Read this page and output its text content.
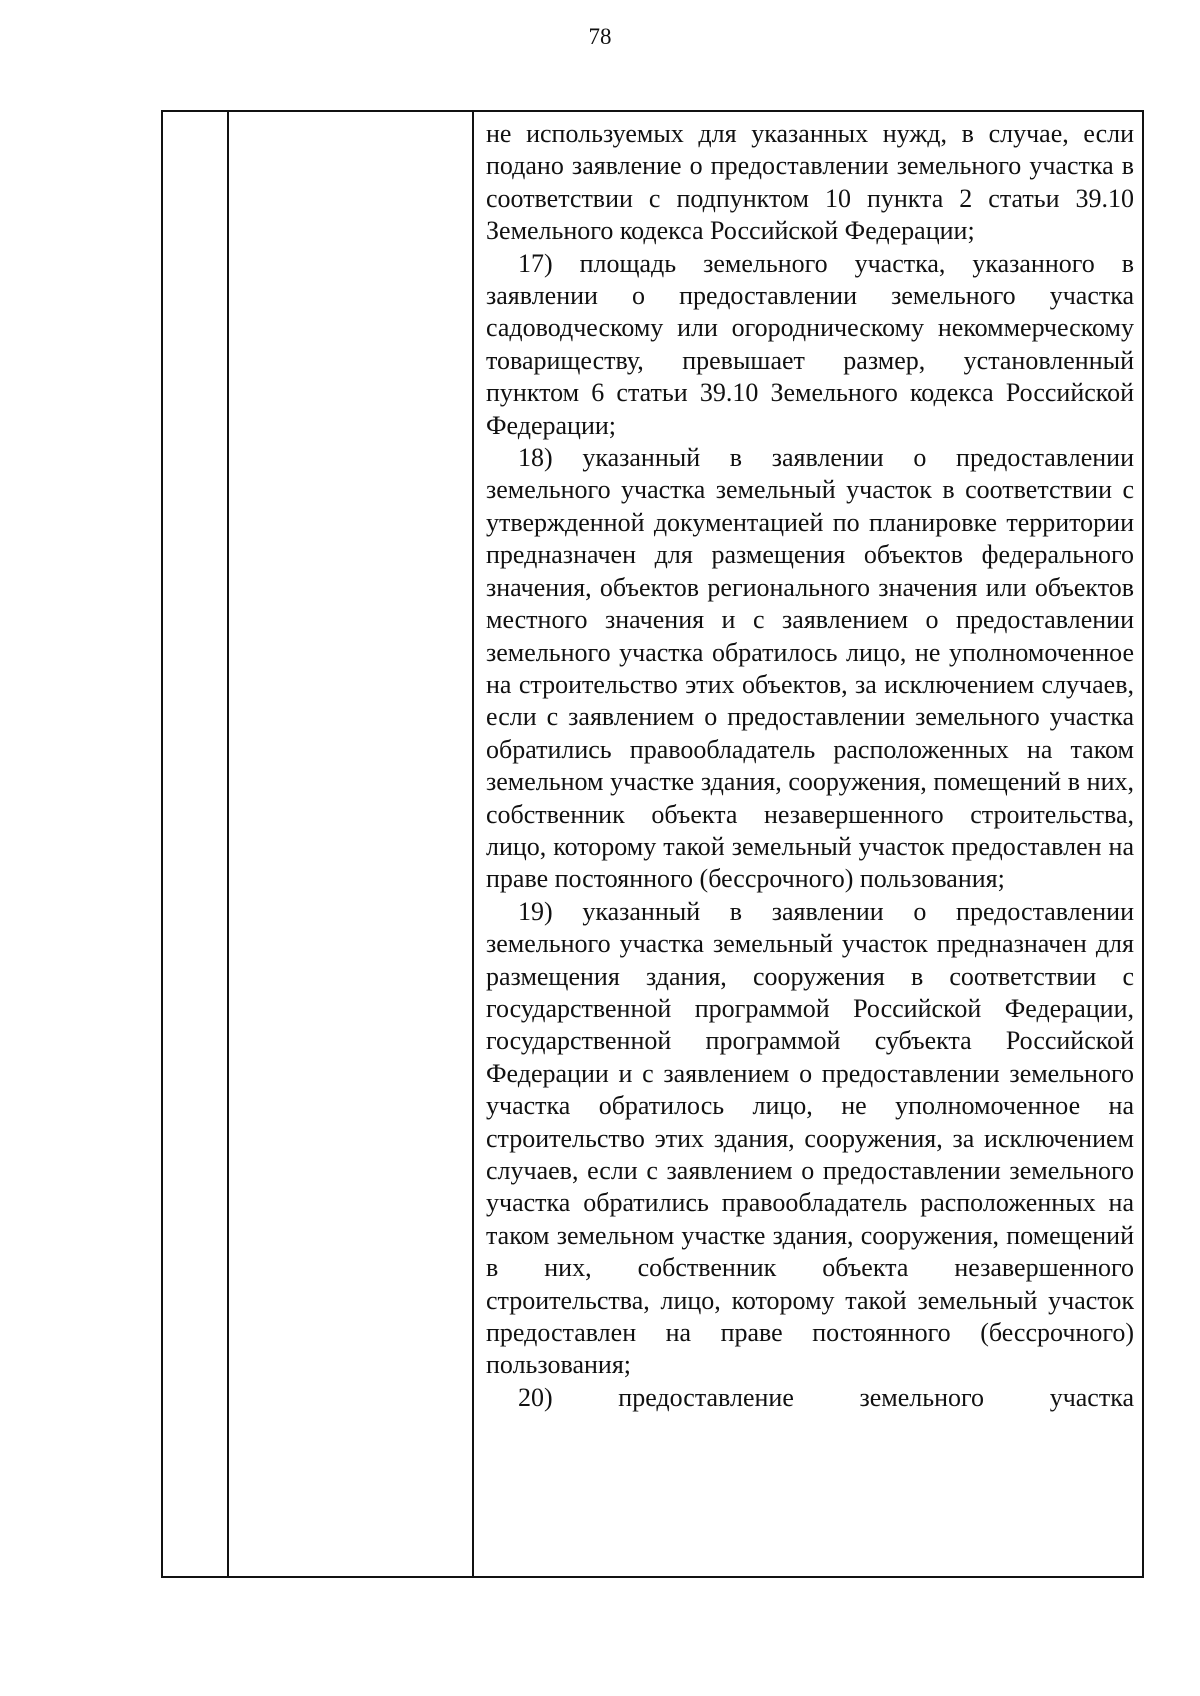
78

не используемых для указанных нужд, в случае, если подано заявление о предоставлении земельного участка в соответствии с подпунктом 10 пункта 2 статьи 39.10 Земельного кодекса Российской Федерации;

17) площадь земельного участка, указанного в заявлении о предоставлении земельного участка садоводческому или огородническому некоммерческому товариществу, превышает размер, установленный пунктом 6 статьи 39.10 Земельного кодекса Российской Федерации;

18) указанный в заявлении о предоставлении земельного участка земельный участок в соответствии с утвержденной документацией по планировке территории предназначен для размещения объектов федерального значения, объектов регионального значения или объектов местного значения и с заявлением о предоставлении земельного участка обратилось лицо, не уполномоченное на строительство этих объектов, за исключением случаев, если с заявлением о предоставлении земельного участка обратились правообладатель расположенных на таком земельном участке здания, сооружения, помещений в них, собственник объекта незавершенного строительства, лицо, которому такой земельный участок предоставлен на праве постоянного (бессрочного) пользования;

19) указанный в заявлении о предоставлении земельного участка земельный участок предназначен для размещения здания, сооружения в соответствии с государственной программой Российской Федерации, государственной программой субъекта Российской Федерации и с заявлением о предоставлении земельного участка обратилось лицо, не уполномоченное на строительство этих здания, сооружения, за исключением случаев, если с заявлением о предоставлении земельного участка обратились правообладатель расположенных на таком земельном участке здания, сооружения, помещений в них, собственник объекта незавершенного строительства, лицо, которому такой земельный участок предоставлен на праве постоянного (бессрочного) пользования;

20) предоставление земельного участка
